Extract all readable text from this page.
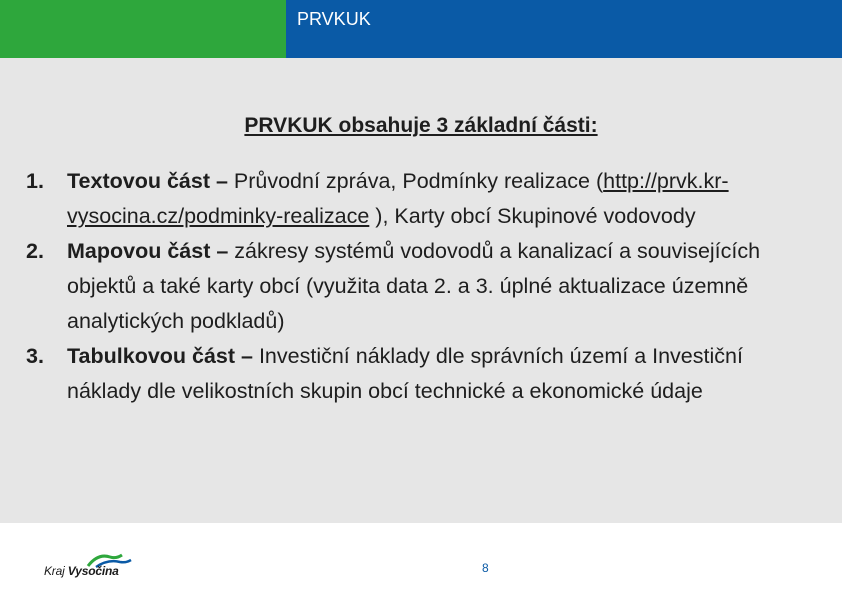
PRVKUK
PRVKUK obsahuje 3 základní části:
1. Textovou část – Průvodní zpráva, Podmínky realizace (http://prvk.kr-vysocina.cz/podminky-realizace ), Karty obcí Skupinové vodovody
2. Mapovou část – zákresy systémů vodovodů a kanalizací a souvisejících objektů a také karty obcí (využita data 2. a 3. úplné aktualizace územně analytických podkladů)
3. Tabulkovou část – Investiční náklady dle správních území a Investiční náklady dle velikostních skupin obcí technické a ekonomické údaje
Kraj Vysočina	8
